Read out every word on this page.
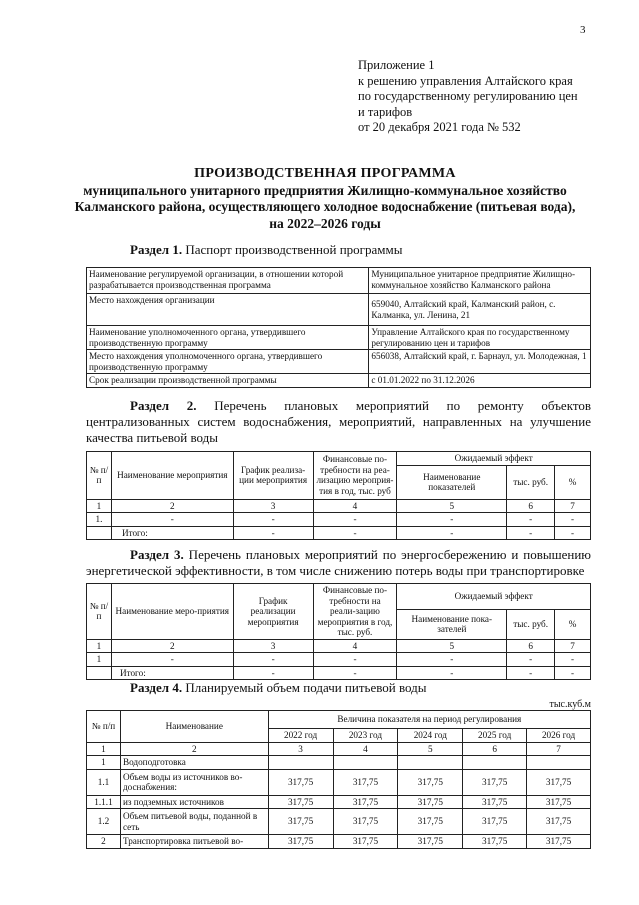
3
Приложение 1
к решению управления Алтайского края
по государственному регулированию цен
и тарифов
от 20 декабря 2021 года № 532
ПРОИЗВОДСТВЕННАЯ ПРОГРАММА
муниципального унитарного предприятия Жилищно-коммунальное хозяйство
Калманского района, осуществляющего холодное водоснабжение (питьевая вода),
на 2022–2026 годы
Раздел 1. Паспорт производственной программы
Наименование регулируемой организации, в отношении которой разрабатывается производственная программа	Муниципальное унитарное предприятие Жилищно-коммунальное хозяйство Калманского района
Место нахождения организации	659040, Алтайский край, Калманский район, с. Калманка, ул. Ленина, 21
Наименование уполномоченного органа, утвердившего производственную программу	Управление Алтайского края по государственному регулированию цен и тарифов
Место нахождения уполномоченного органа, утвердившего производственную программу	656038, Алтайский край, г. Барнаул, ул. Молодежная, 1
Срок реализации производственной программы	с 01.01.2022 по 31.12.2026
Раздел 2. Перечень плановых мероприятий по ремонту объектов централизованных систем водоснабжения, мероприятий, направленных на улучшение качества питьевой воды
№ п/п	Наименование мероприятия	График реализа-ции мероприятия	Финансовые по-требности на реа-лизацию мероприя-тия в год, тыс. руб	Ожидаемый эффект		
				Наименование показателей	тыс. руб.	%
1	2	3	4	5	6	7
1.	-	-	-	-	-	-
	Итого:	-	-	-	-	-
Раздел 3. Перечень плановых мероприятий по энергосбережению и повышению энергетической эффективности, в том числе снижению потерь воды при транспортировке
№ п/п	Наименование меро-приятия	График реализации мероприятия	Финансовые по-требности на реали-зацию мероприятия в год, тыс. руб.	Ожидаемый эффект		
				Наименование пока-зателей	тыс. руб.	%
1	2	3	4	5	6	7
1	-	-	-	-	-	-
	Итого:	-	-	-	-	-
Раздел 4. Планируемый объем подачи питьевой воды
тыс.куб.м
№ п/п	Наименование	Величина показателя на период регулирования				
		2022 год	2023 год	2024 год	2025 год	2026 год
1	2	3	4	5	6	7
1	Водоподготовка					
1.1	Объем воды из источников во-доснабжения:	317,75	317,75	317,75	317,75	317,75
1.1.1	из подземных источников	317,75	317,75	317,75	317,75	317,75
1.2	Объем питьевой воды, поданной в сеть	317,75	317,75	317,75	317,75	317,75
2	Транспортировка питьевой во-	317,75	317,75	317,75	317,75	317,75
